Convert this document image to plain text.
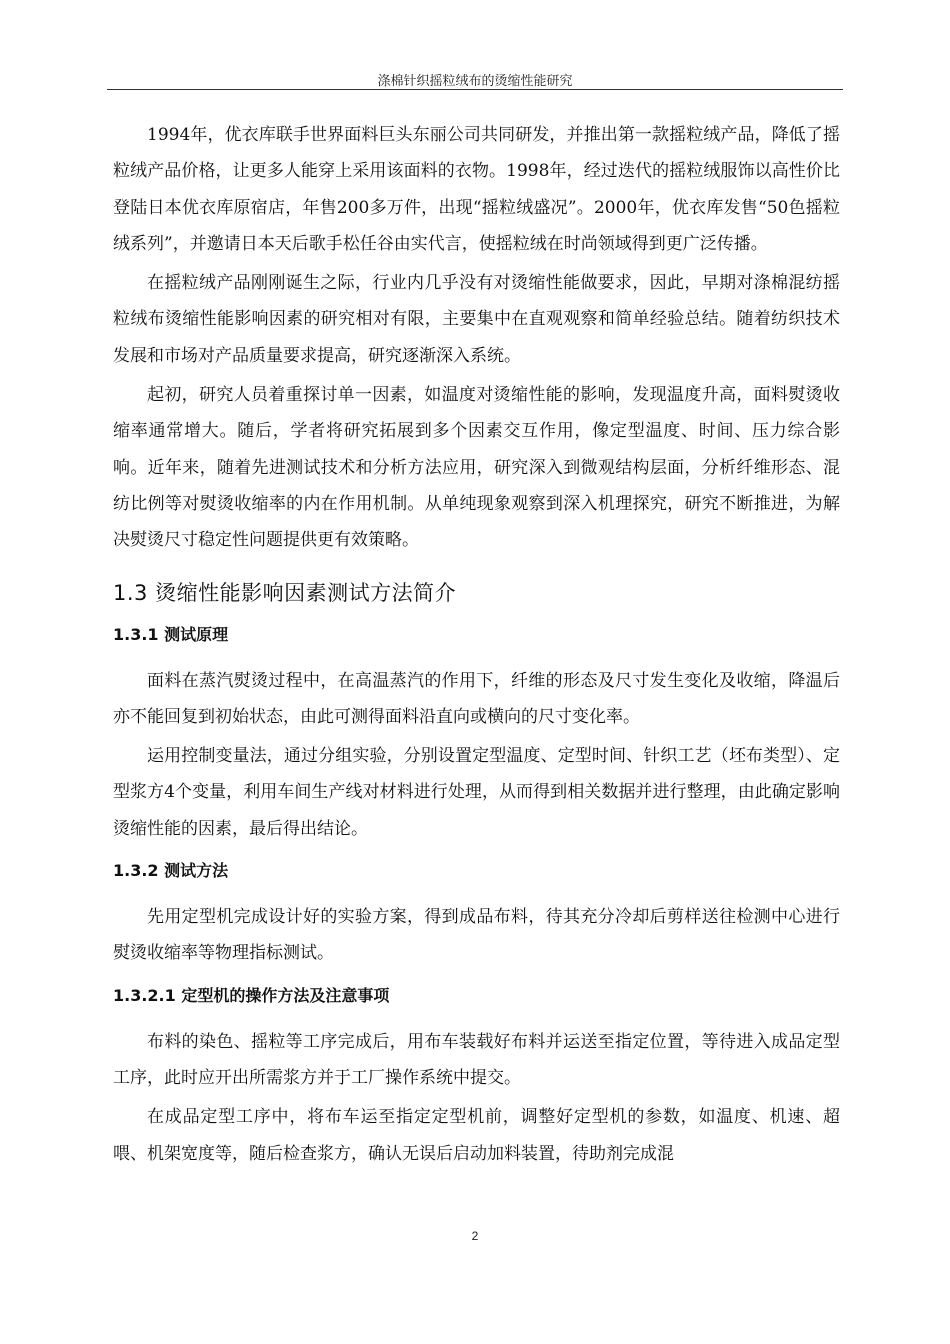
涤棉针织摇粒绒布的烫缩性能研究

1994年，优衣库联手世界面料巨头东丽公司共同研发，并推出第一款摇粒绒产品，降低了摇粒绒产品价格，让更多人能穿上采用该面料的衣物。1998年，经过迭代的摇粒绒服饰以高性价比登陆日本优衣库原宿店，年售200多万件，出现“摇粒绒盛况”。2000年，优衣库发售“50色摇粒绒系列”，并邀请日本天后歌手松任谷由实代言，使摇粒绒在时尚领域得到更广泛传播。

在摇粒绒产品刚刚诞生之际，行业内几乎没有对烫缩性能做要求，因此，早期对涤棉混纺摇粒绒布烫缩性能影响因素的研究相对有限，主要集中在直观观察和简单经验总结。随着纺织技术发展和市场对产品质量要求提高，研究逐渐深入系统。

起初，研究人员着重探讨单一因素，如温度对烫缩性能的影响，发现温度升高，面料熨烫收缩率通常增大。随后，学者将研究拓展到多个因素交互作用，像定型温度、时间、压力综合影响。近年来，随着先进测试技术和分析方法应用，研究深入到微观结构层面，分析纤维形态、混纺比例等对熨烫收缩率的内在作用机制。从单纯现象观察到深入机理探究，研究不断推进，为解决熨烫尺寸稳定性问题提供更有效策略。

1.3 烫缩性能影响因素测试方法简介
1.3.1 测试原理

面料在蒸汽熨烫过程中，在高温蒸汽的作用下，纤维的形态及尺寸发生变化及收缩，降温后亦不能回复到初始状态，由此可测得面料沿直向或横向的尺寸变化率。

运用控制变量法，通过分组实验，分别设置定型温度、定型时间、针织工艺（坯布类型）、定型浆方4个变量，利用车间生产线对材料进行处理，从而得到相关数据并进行整理，由此确定影响烫缩性能的因素，最后得出结论。

1.3.2 测试方法

先用定型机完成设计好的实验方案，得到成品布料，待其充分冷却后剪样送往检测中心进行熨烫收缩率等物理指标测试。

1.3.2.1 定型机的操作方法及注意事项

布料的染色、摇粒等工序完成后，用布车装载好布料并运送至指定位置，等待进入成品定型工序，此时应开出所需浆方并于工厂操作系统中提交。

在成品定型工序中，将布车运至指定定型机前，调整好定型机的参数，如温度、机速、超喂、机架宽度等，随后检查浆方，确认无误后启动加料装置，待助剂完成混

2
